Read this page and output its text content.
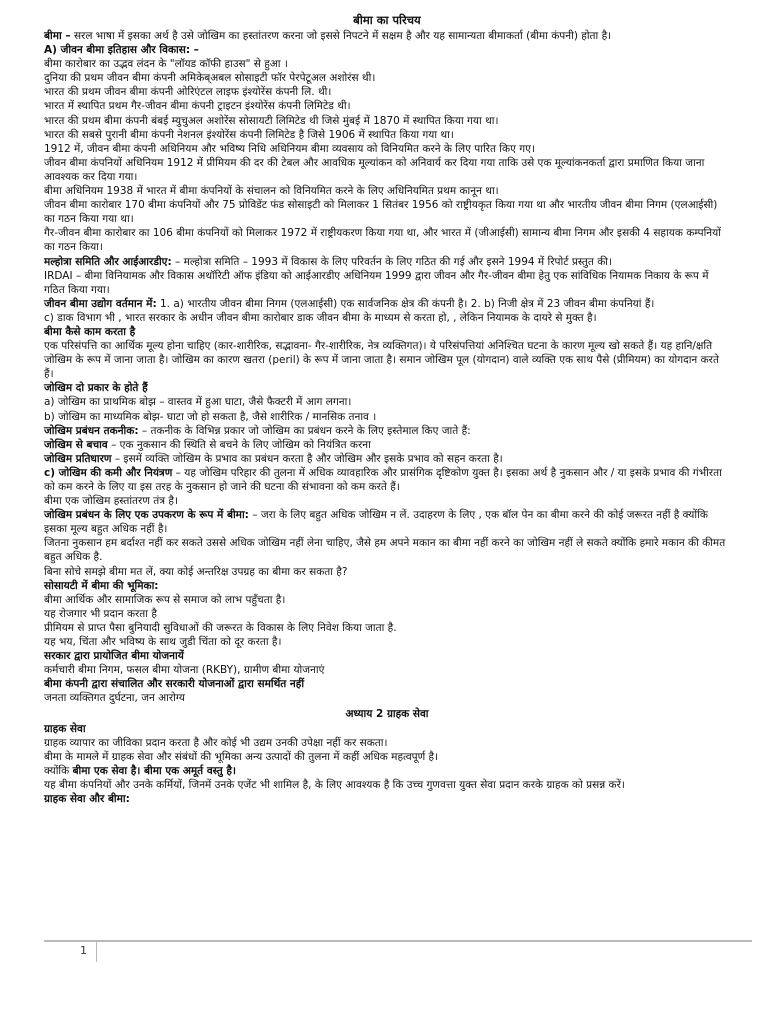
बीमा का परिचय

बीमा – सरल भाषा में इसका अर्थ है उसे जोखिम का हस्तांतरण करना जो इससे निपटने में सक्षम है और यह सामान्यता बीमाकर्ता (बीमा कंपनी) होता है।

A) जीवन बीमा इतिहास और विकास: –

बीमा कारोबार का उद्भव लंदन के "लॉयड कॉफी हाउस" से हुआ ।

दुनिया की प्रथम जीवन बीमा कंपनी अमिकेब्अबल सोसाइटी फॉर पेरपेटूअल अशोरंस थी।

भारत की प्रथम जीवन बीमा कंपनी ओरिएंटल लाइफ इंश्योरेंस कंपनी लि. थी।

भारत में स्थापित प्रथम गैर-जीवन बीमा कंपनी ट्राइटन इंश्योरेंस कंपनी लिमिटेड थी।

भारत की प्रथम बीमा कंपनी बंबई म्युचुअल अशोरेंस सोसायटी लिमिटेड थी जिसे मुंबई में 1870 में स्थापित किया गया था।

भारत की सबसे पुरानी बीमा कंपनी नेशनल इंश्योरेंस कंपनी लिमिटेड है जिसे 1906 में स्थापित किया गया था।

1912 में, जीवन बीमा कंपनी अधिनियम और भविष्य निधि अधिनियम बीमा व्यवसाय को विनियमित करने के लिए पारित किए गए।

जीवन बीमा कंपनियों अधिनियम 1912 में प्रीमियम की दर की टेबल और आवधिक मूल्यांकन को अनिवार्य कर दिया गया ताकि उसे एक मूल्यांकनकर्ता द्वारा प्रमाणित किया जाना आवश्यक कर दिया गया।

बीमा अधिनियम 1938 में भारत में बीमा कंपनियों के संचालन को विनियमित करने के लिए अधिनियमित प्रथम कानून था।

जीवन बीमा कारोबार 170 बीमा कंपनियों और 75 प्रोविडेंट फंड सोसाइटी को मिलाकर 1 सितंबर 1956 को राष्ट्रीयकृत किया गया था और भारतीय जीवन बीमा निगम (एलआईसी) का गठन किया गया था।

गैर-जीवन बीमा कारोबार का 106 बीमा कंपनियों को मिलाकर 1972 में राष्ट्रीयकरण किया गया था, और भारत में (जीआईसी) सामान्य बीमा निगम और इसकी 4 सहायक कम्पनियों का गठन किया।

मल्होत्रा समिति और आईआरडीए: – मल्होत्रा समिति – 1993 में विकास के लिए परिवर्तन के लिए गठित की गई और इसने 1994 में रिपोर्ट प्रस्तुत की।

IRDAI – बीमा विनियामक और विकास अथॉरिटी ऑफ इंडिया को आईआरडीए अधिनियम 1999 द्वारा जीवन और गैर-जीवन बीमा हेतु एक सांविधिक नियामक निकाय के रूप में गठित किया गया।

जीवन बीमा उद्योग वर्तमान में: 1. a) भारतीय जीवन बीमा निगम (एलआईसी) एक सार्वजनिक क्षेत्र की कंपनी है। 2. b) निजी क्षेत्र में 23 जीवन बीमा कंपनियां हैं।

c) डाक विभाग भी , भारत सरकार के अधीन जीवन बीमा कारोबार डाक जीवन बीमा के माध्यम से करता हो, , लेकिन नियामक के दायरे से मुक्त है।

बीमा कैसे काम करता है

एक परिसंपत्ति का आर्थिक मूल्य होना चाहिए (कार-शारीरिक, सद्भावना- गैर-शारीरिक, नेत्र व्यक्तिगत)। ये परिसंपत्तियां अनिश्चित घटना के कारण मूल्य खो सकते हैं। यह हानि/क्षति जोखिम के रूप में जाना जाता है। जोखिम का कारण खतरा (peril) के रूप में जाना जाता है। समान जोखिम पूल (योगदान) वाले व्यक्ति एक साथ पैसे (प्रीमियम) का योगदान करते हैं।

जोखिम दो प्रकार के होते हैं

a) जोखिम का प्राथमिक बोझ – वास्तव में हुआ घाटा, जैसे फैक्टरी में आग लगना।

b) जोखिम का माध्यमिक बोझ- घाटा जो हो सकता है, जैसे शारीरिक / मानसिक तनाव ।

जोखिम प्रबंधन तकनीक: – तकनीक के विभिन्न प्रकार जो जोखिम का प्रबंधन करने के लिए इस्तेमाल किए जाते हैं:

जोखिम से बचाव – एक नुकसान की स्थिति से बचने के लिए जोखिम को नियंत्रित करना

जोखिम प्रतिधारण – इसमें व्यक्ति जोखिम के प्रभाव का प्रबंधन करता है और जोखिम और इसके प्रभाव को सहन करता है।

c) जोखिम की कमी और नियंत्रण – यह जोखिम परिहार की तुलना में अधिक व्यावहारिक और प्रासंगिक दृष्टिकोण युक्त है। इसका अर्थ है नुकसान और / या इसके प्रभाव की गंभीरता को कम करने के लिए या इस तरह के नुकसान हो जाने की घटना की संभावना को कम करते हैं।

बीमा एक जोखिम हस्तांतरण तंत्र है।

जोखिम प्रबंधन के लिए एक उपकरण के रूप में बीमा: – जरा के लिए बहुत अधिक जोखिम न लें. उदाहरण के लिए , एक बॉल पेन का बीमा करने की कोई जरूरत नहीं है क्योंकि इसका मूल्य बहुत अधिक नहीं है।

जितना नुकसान हम बर्दाश्त नहीं कर सकते उससे अधिक जोखिम नहीं लेना चाहिए, जैसे हम अपने मकान का बीमा नहीं करने का जोखिम नहीं ले सकते क्योंकि हमारे मकान की कीमत बहुत अधिक है.

बिना सोचे समझे बीमा मत लें, क्या कोई अन्तरिक्ष उपग्रह का बीमा कर सकता है?

सोसायटी में बीमा की भूमिका:

बीमा आर्थिक और सामाजिक रूप से समाज को लाभ पहुँचता है।

यह रोजगार भी प्रदान करता है

प्रीमियम से प्राप्त पैसा बुनियादी सुविधाओं की जरूरत के विकास के लिए निवेश किया जाता है.

यह भय, चिंता और भविष्य के साथ जुडी चिंता को दूर करता है।

सरकार द्वारा प्रायोजित बीमा योजनायें

कर्मचारी बीमा निगम, फसल बीमा योजना (RKBY), ग्रामीण बीमा योजनाएं

बीमा कंपनी द्वारा संचालित और सरकारी योजनाओं द्वारा समर्थित नहीं

जनता व्यक्तिगत दुर्घटना, जन आरोग्य

अध्याय 2 ग्राहक सेवा

ग्राहक सेवा

ग्राहक व्यापार का जीविका प्रदान करता है और कोई भी उद्यम उनकी उपेक्षा नहीं कर सकता।

बीमा के मामले में ग्राहक सेवा और संबंधों की भूमिका अन्य उत्पादों की तुलना में कहीं अधिक महत्वपूर्ण है।

क्योंकि बीमा एक सेवा है। बीमा एक अमूर्त वस्तु है।

यह बीमा कंपनियों और उनके कर्मियों, जिनमें उनके एजेंट भी शामिल है, के लिए आवश्यक है कि उच्च गुणवत्ता युक्त सेवा प्रदान करके ग्राहक को प्रसन्न करें।

ग्राहक सेवा और बीमा:

1
